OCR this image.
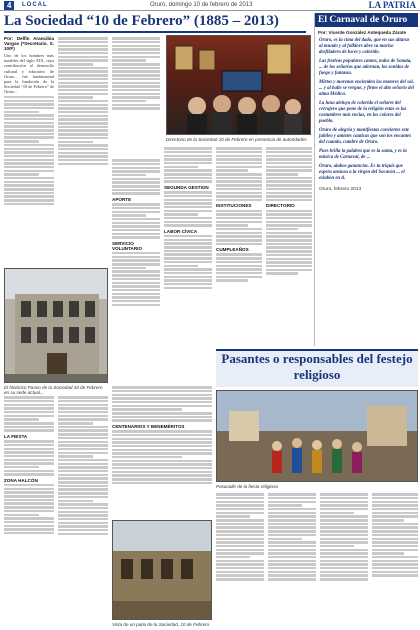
4	LOCAL	Oruro, domingo 10 de febrero de 2013	LA PATRIA
La Sociedad “10 de Febrero” (1885 – 2013)
Por: Delfín Arancibia Vargas (*Secretario. S. 10/F)
Uno de los hombres más notables del siglo XIX, cuya contribución al desarrollo cultural y educativo de Oruro... fue fundamental para la fundación de la Sociedad “10 de Febrero” de Oruro...
Directorio de la Sociedad 10 de Febrero en presencia de autoridades
El histórico Paseo de la Sociedad 10 de Febrero en su sede actual...
APORTE
SERVICIO VOLUNTARIO
SEGUNDA GESTION
LABOR CÍVICA
INSTITUCIONES
CUMPLEAÑOS
DIRECTORIO
El Carnaval de Oruro
Por: Vicente González Antequeda Zárate

Oruro, es la cima del dado, que en sus alturas al mundo y al folklore abre su maciso desfiladero de luces y colorido.

Las festivas populares cantos, todos de Sonata, ... de los señoríos que adornan, los sonidos de fuego y fantasía.

Mirtos y morenas encienden los motores del sol, ... y al baile se vergue, y firme el alto señorío del alma Médica.

La luna aleluya de colorido el señoret del cerrajero que pone de la religión estas es las costumbres más encias, en los colores del pueblo.

Oruro de alegría y manifiestas conviertes este jubileo y amistes cauticas que son los encantes del cuando, cumbre de Oruro.

Pues brilla la palabra que es la santa, y es la música de Carnaval, de ...

Oruro, alabos ganancias. Es tu tríquis que espera ansiosa a la virgen del Socavón ... el eslabón en ti.

Oruro, febrero 2013
Vista de un patio de la Sociedad, 10 de Febrero
LA FIESTA
ZONA HALCÓN
CENTENARIOS Y BENEMÉRITOS
Pasantes o responsables del festejo religioso
Pasacalle de la fiesta religiosa
